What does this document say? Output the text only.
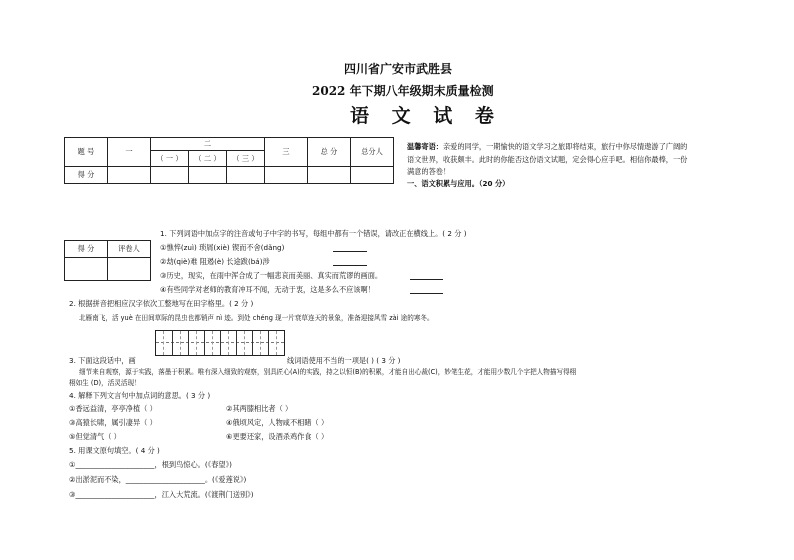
四川省广安市武胜县
2022 年下期八年级期末质量检测
语 文 试 卷
题 号	一	二			三	总 分	总分人
		（ 一 ）	（ 二 ）	（ 三 ）			
得 分							
温馨寄语：亲爱的同学，一期愉快的语文学习之旅即将结束，旅行中你尽情遨游了广阔的
语文世界，收获颇丰。此时的你能否这份语文试题，定会得心应手吧。相信你最棒，一份
满意的答卷！
一、语文积累与应用。（20 分）
得 分	评卷人

1. 下列词语中加点字的注音或句子中字的书写，每组中都有一个错误，请改正在横线上。( 2 分 )
①憔悴(zuì) 琐屑(xiè) 锲而不舍(dǎng)
②劫(qiè)难 阻遏(è) 长途跋(bá)涉
③历史，现实，在雨中浑合成了一幅悲哀而美丽、真实而荒谬的画面。
④有些同学对老师的教育冲耳不闻，无动于衷，这是多么不应该啊！
2. 根据拼音把相应汉字依次工整地写在田字格里。( 2 分 )
北雁南飞，活 yuè 在田间草际的昆虫也都销声 nì 迹。到处 chéng 现一片衰草连天的景象，准备迎接风雪 zài 途的寒冬。
3. 下面这段话中，画	线词语使用不当的一项是( ) ( 3 分 )
细节来自观察，源于实践，落墨于积累。唯有深入细致的观察，别具匠心(A)的实践，持之以恒(B)的积累，才能自出心裁(C)，妙笔生花，才能用少数几个字把人物描写得栩
栩如生 (D)，活灵活现！
4. 解释下列文言句中加点词的意思。( 3 分 )
①香远益清，亭亭净植（ ）	②其两膝相比者（ ）
③高猿长啸，属引凄异（ ）	④俄顷风定，人物咸不相睹（ ）
⑤但觉清气（ ）	⑥更要还家，设酒杀鸡作食（ ）
5. 用课文原句填空。( 4 分 )
①______________________，根到鸟惊心。(《春望》)
②出淤泥而不染，______________________。(《爱莲说》)
③______________________，江入大荒流。(《渡荆门送别》)
